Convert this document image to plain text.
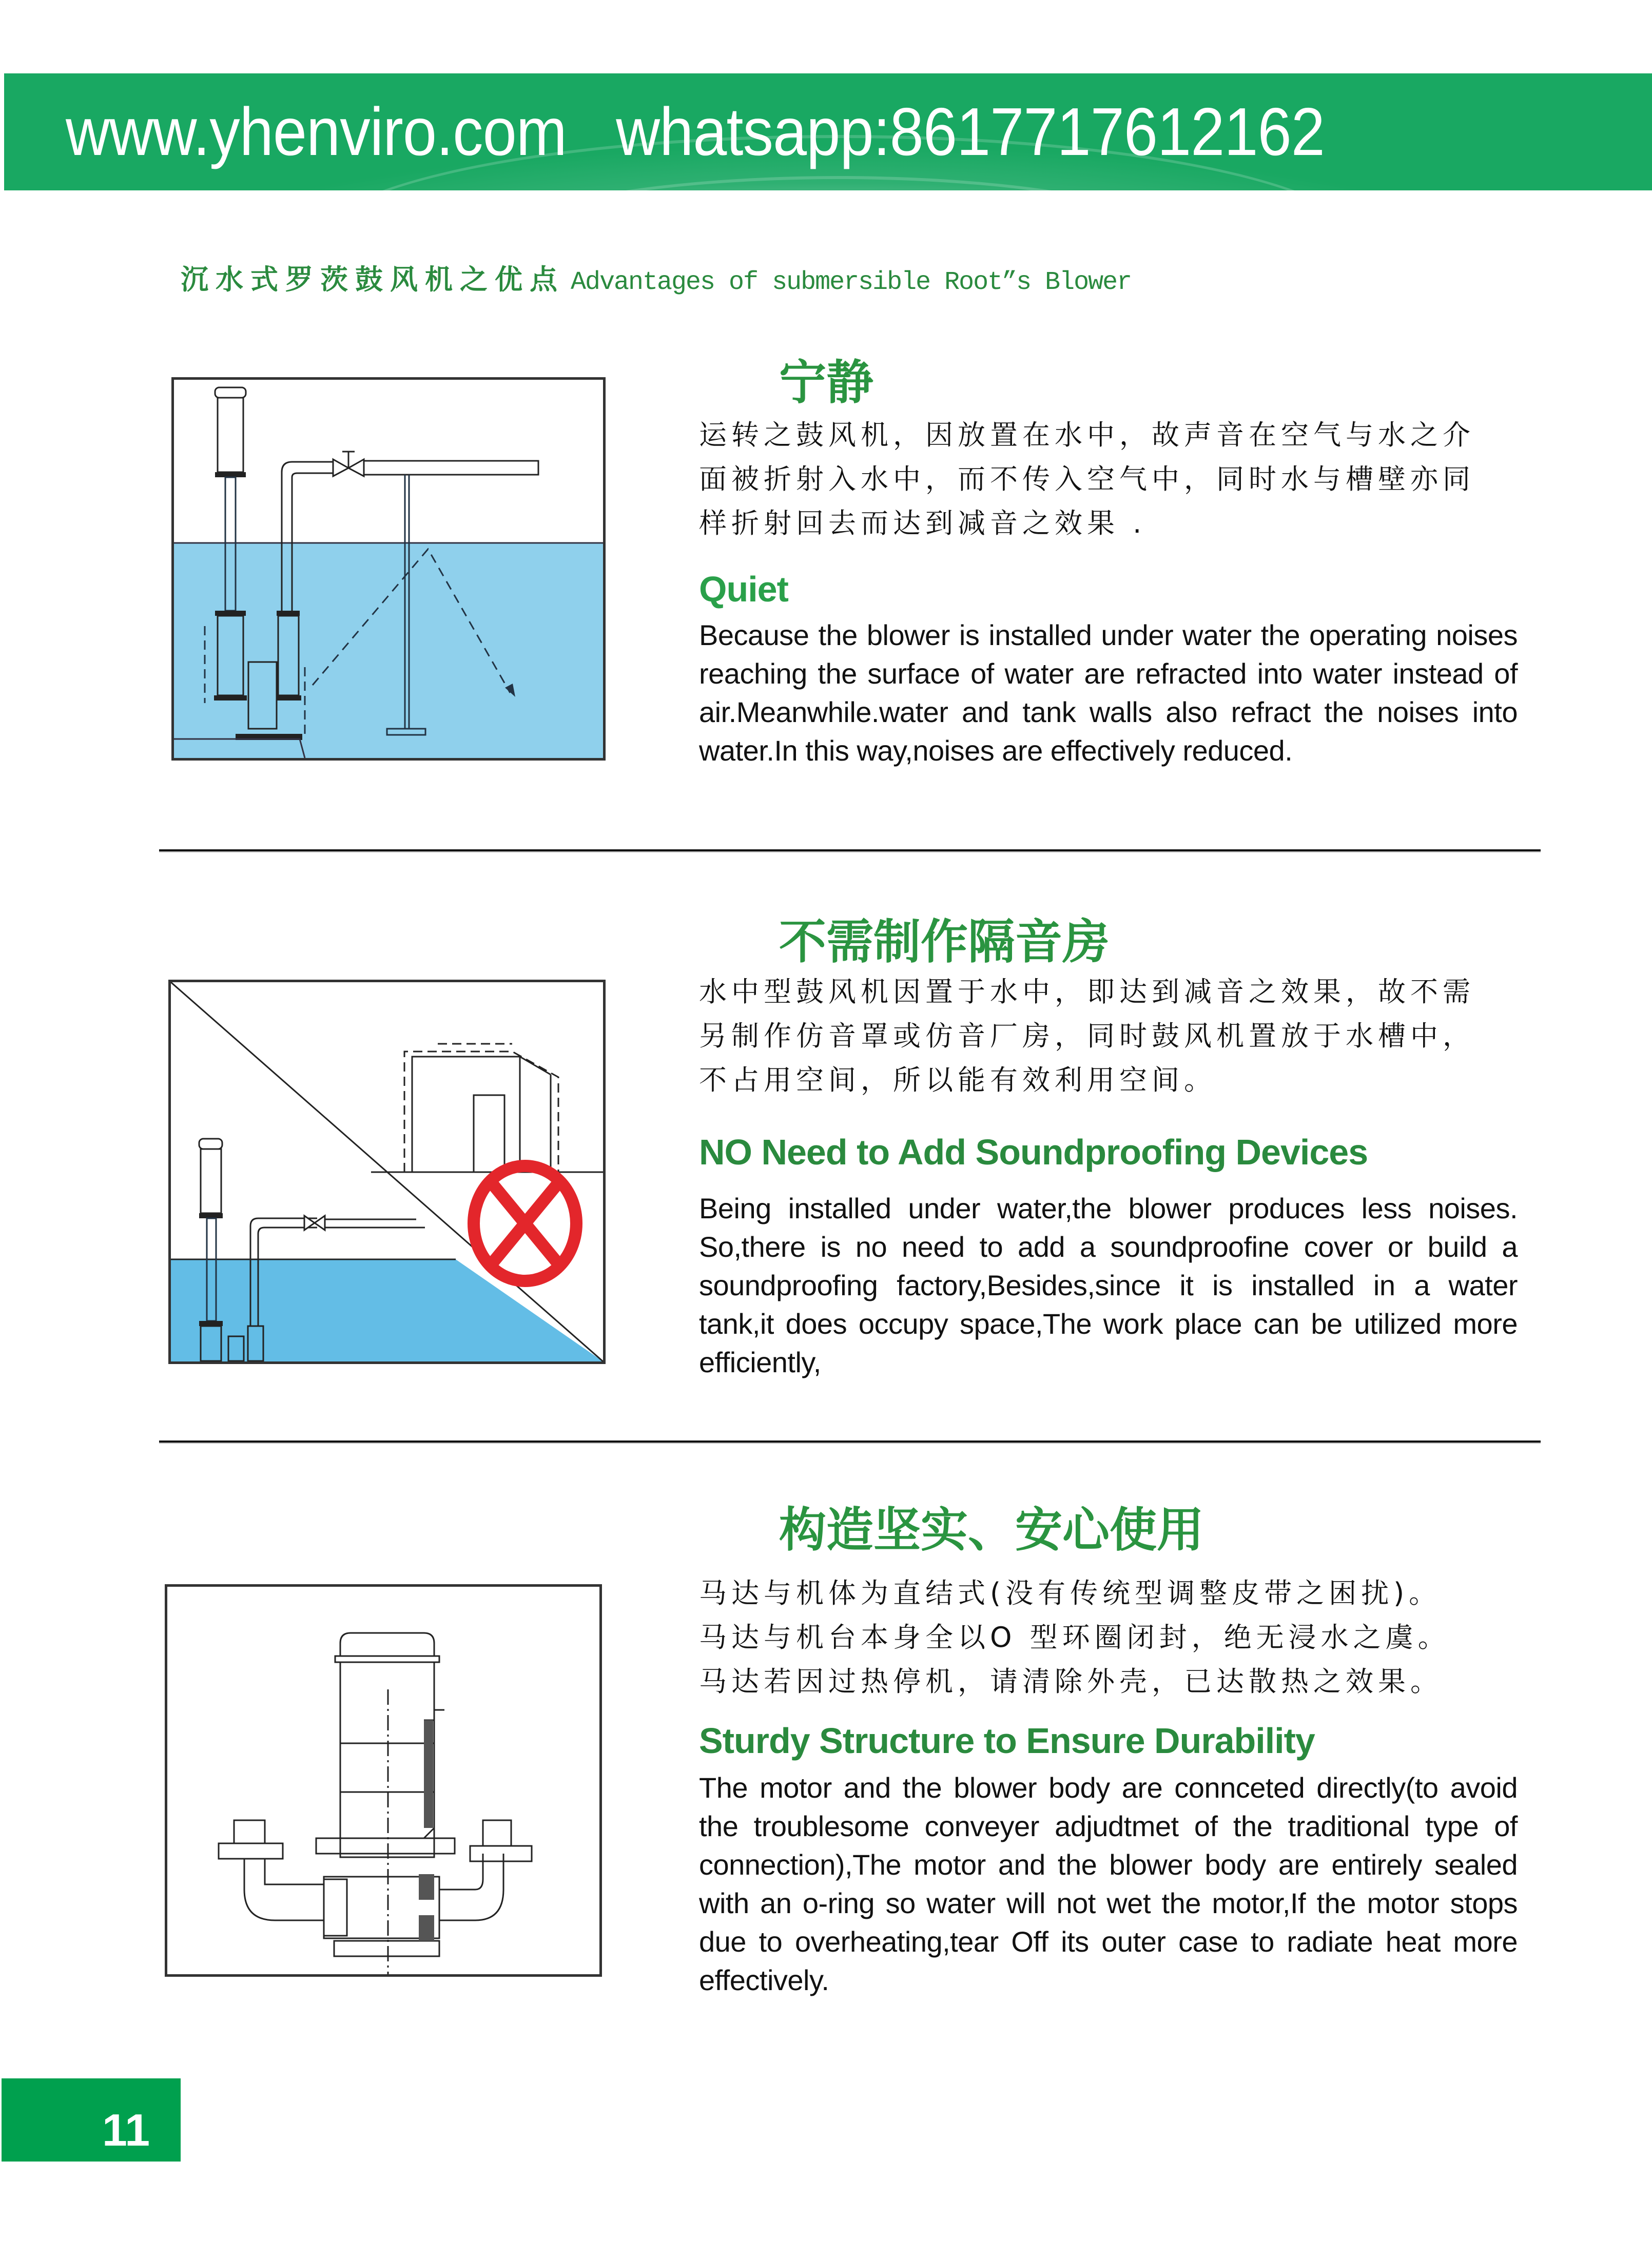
www.yhenviro.com whatsapp:8617717612162
沉水式罗茨鼓风机之优点 Advantages of submersible Root”s Blower
宁静
运转之鼓风机，因放置在水中，故声音在空气与水之介
面被折射入水中，而不传入空气中，同时水与槽壁亦同
样折射回去而达到减音之效果 .
Quiet
Because the blower is installed under water the operating noises reaching the surface of water are refracted into water instead of air.Meanwhile.water and tank walls also refract the noises into water.In this way,noises are effectively reduced.
不需制作隔音房
水中型鼓风机因置于水中，即达到减音之效果，故不需
另制作仿音罩或仿音厂房，同时鼓风机置放于水槽中，
不占用空间，所以能有效利用空间。
NO Need to Add Soundproofing Devices
Being installed under water,the blower produces less noises. So,there is no need to add a soundproofine cover or build a soundproofing factory,Besides,since it is installed in a water tank,it does occupy space,The work place can be utilized more efficiently,
构造坚实、安心使用
马达与机体为直结式(没有传统型调整皮带之困扰)。
马达与机台本身全以O 型环圈闭封，绝无浸水之虞。
马达若因过热停机，请清除外壳，已达散热之效果。
Sturdy Structure to Ensure Durability
The motor and the blower body are connceted directly(to avoid the troublesome conveyer adjudtmet of the traditional type of connection),The motor and the blower body are entirely sealed with an o-ring so water will not wet the motor,If the motor stops due to overheating,tear Off its outer case to radiate heat more effectively.
11
